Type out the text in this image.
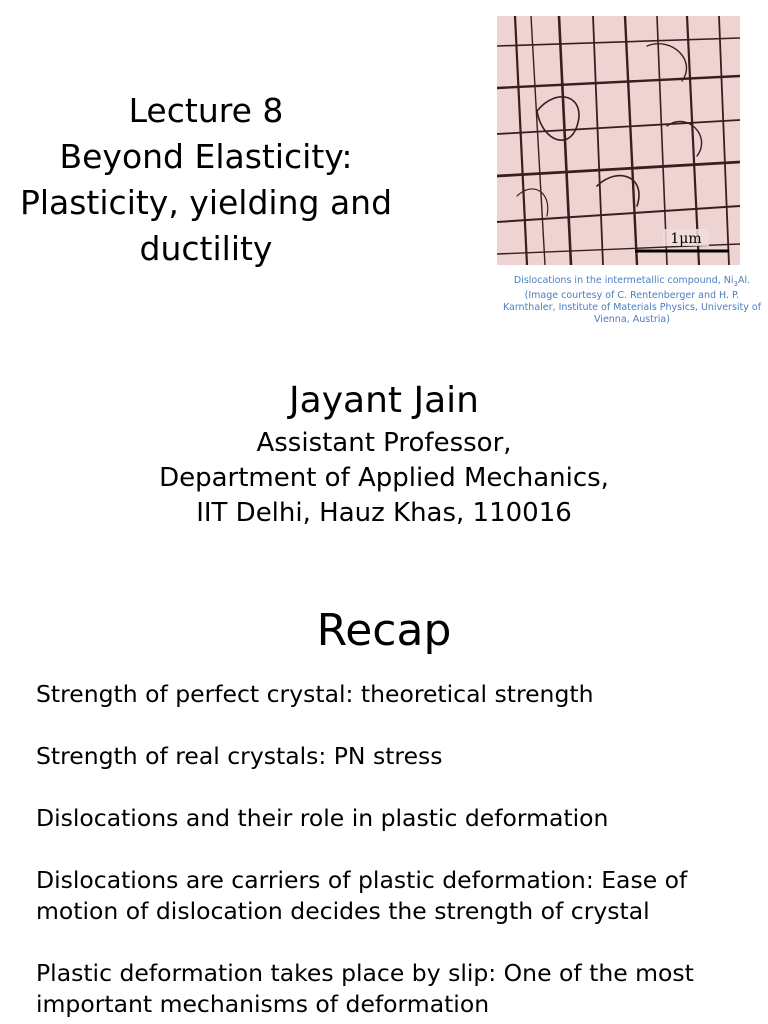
Lecture 8
Beyond Elasticity:
Plasticity, yielding and
ductility	1μm
Dislocations in the intermetallic compound, $Ni_3Al$.
(Image courtesy of C. Rentenberger and H. P.
Karnthaler, Institute of Materials Physics, University of
Vienna, Austria)
Jayant Jain
Assistant Professor,
Department of Applied Mechanics,
IIT Delhi, Hauz Khas, 110016
Recap
Strength of perfect crystal: theoretical strength
Strength of real crystals: PN stress
Dislocations and their role in plastic deformation
Dislocations are carriers of plastic deformation: Ease of
motion of dislocation decides the strength of crystal
Plastic deformation takes place by slip: One of the most
important mechanisms of deformation
